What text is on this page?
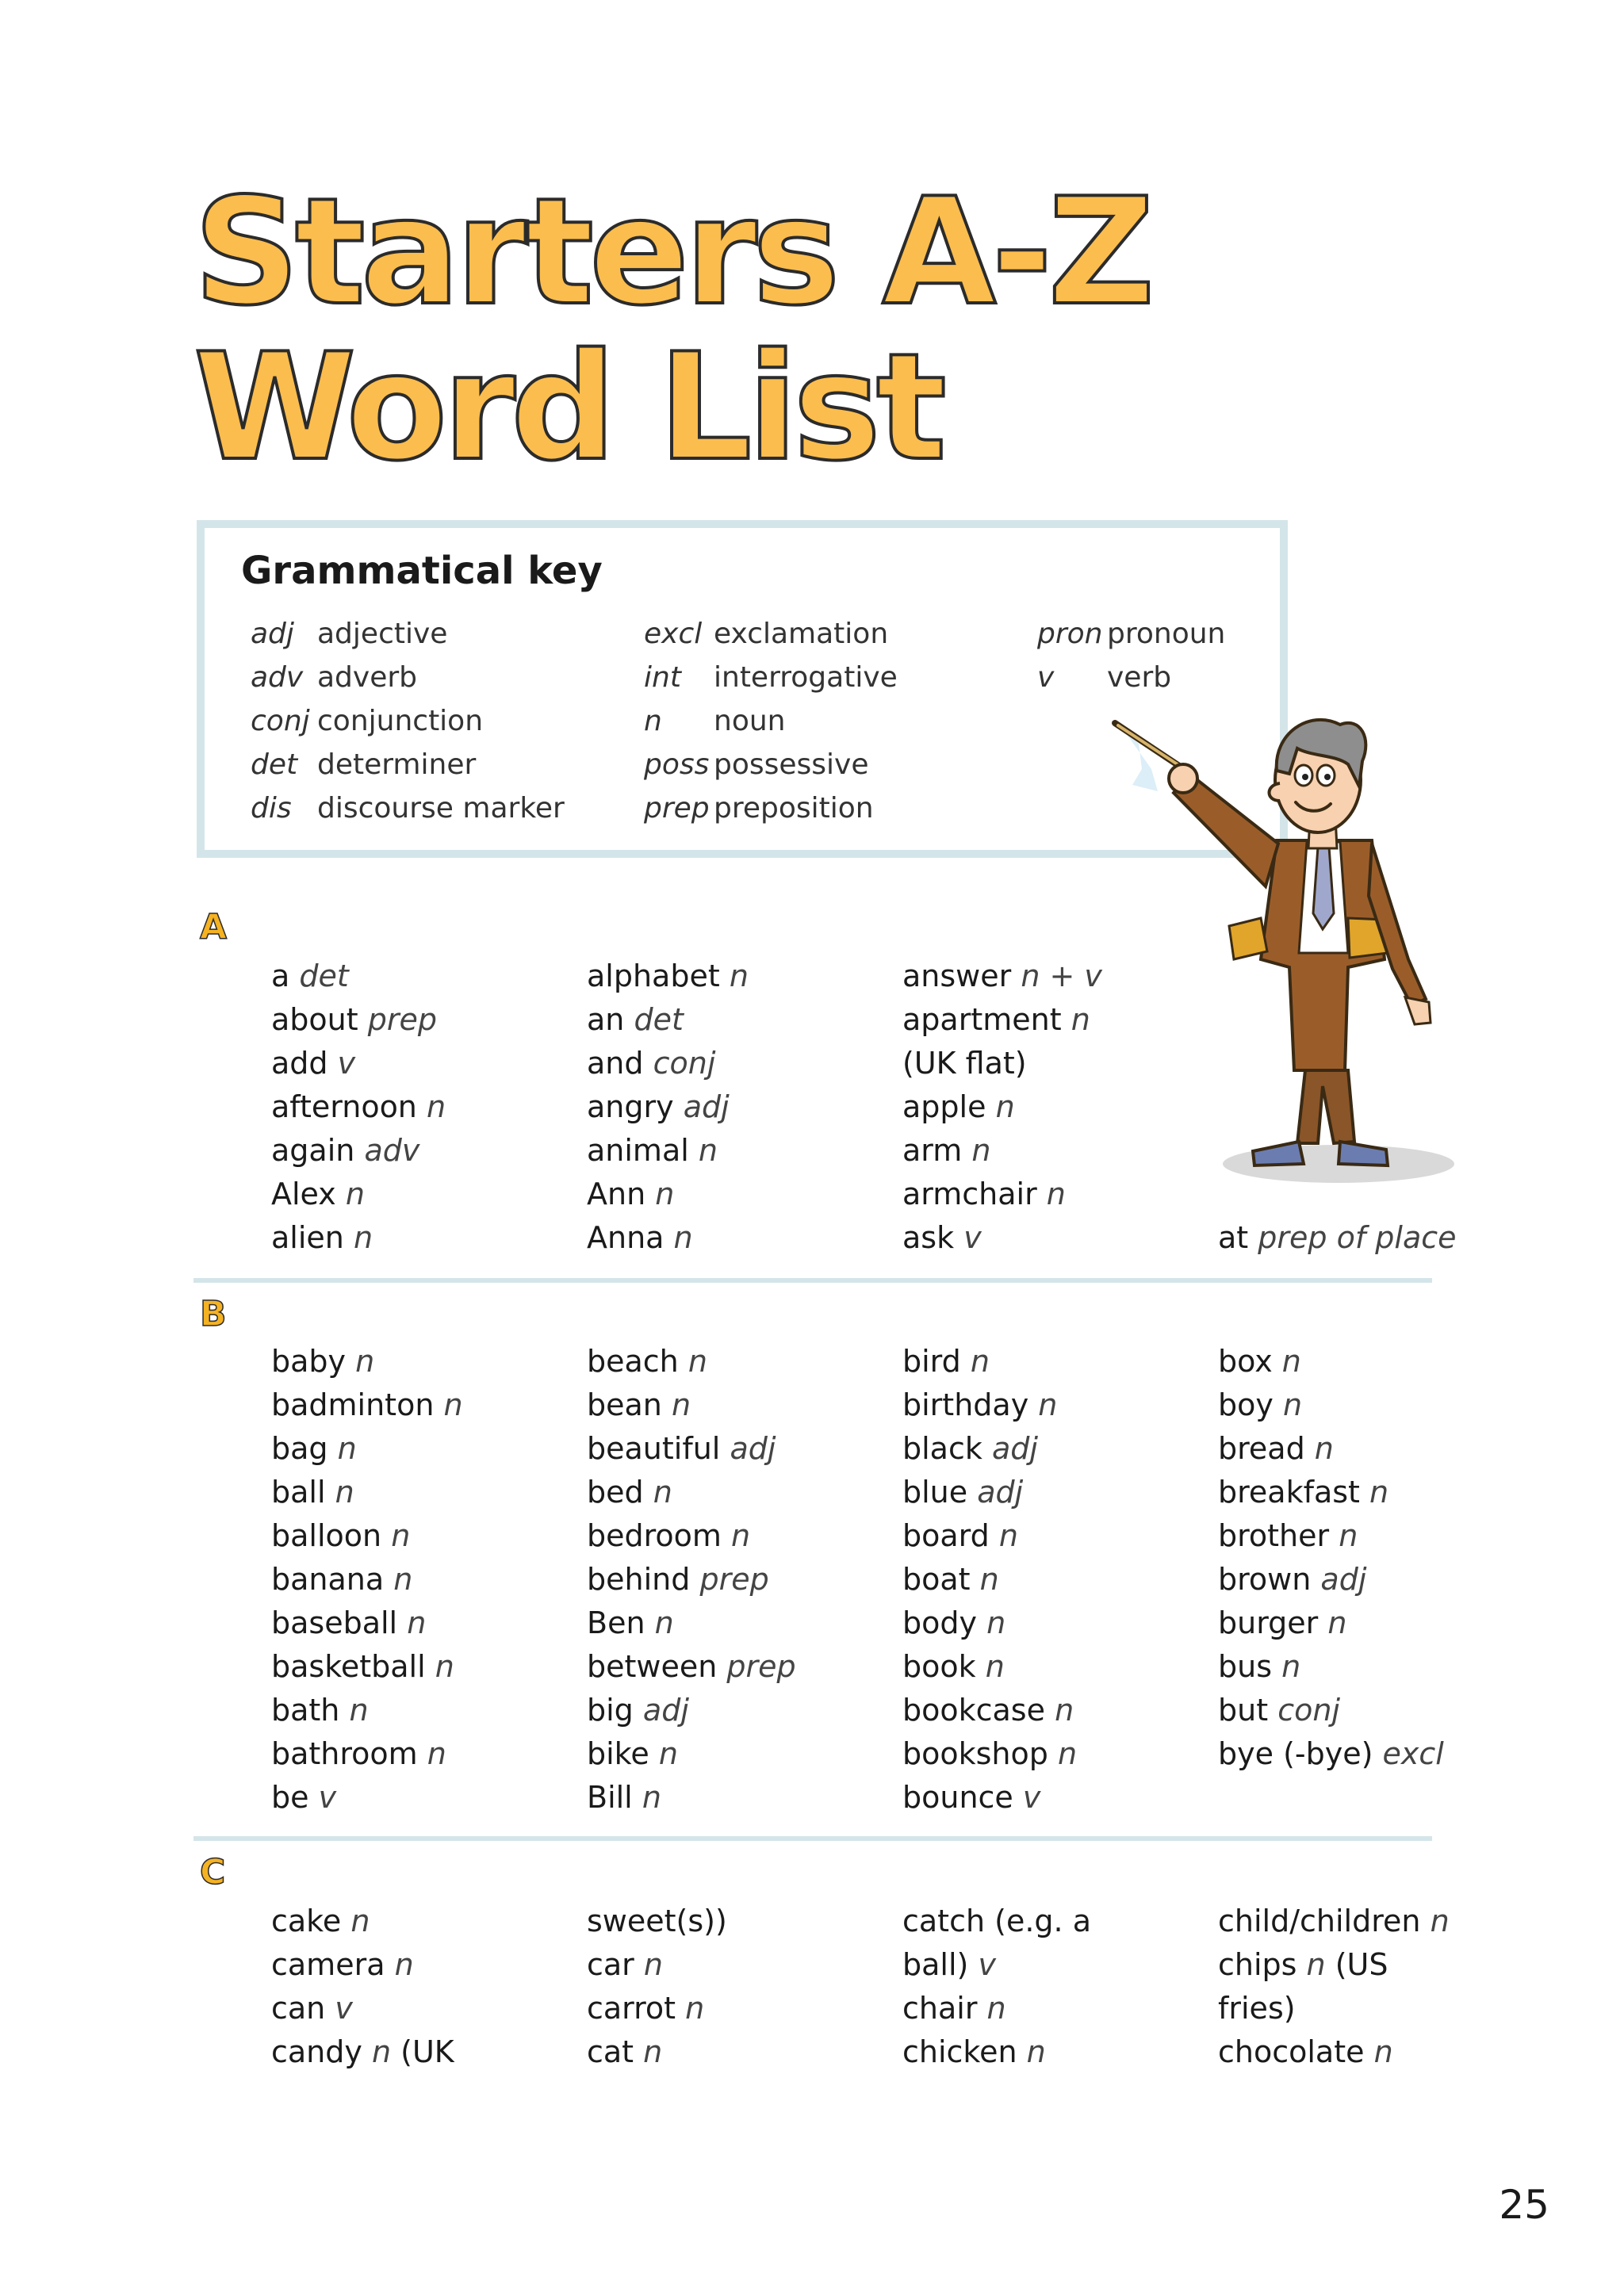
Starters A-Z
Word List
Grammatical key
adj adjective
adv adverb
conj conjunction
det determiner
dis discourse marker
excl exclamation
int interrogative
n noun
poss possessive
prep preposition
pron pronoun
v verb
A
a det
about prep
add v
afternoon n
again adv
Alex n
alien n
alphabet n
an det
and conj
angry adj
animal n
Ann n
Anna n
answer n + v
apartment n
(UK flat)
apple n
arm n
armchair n
ask v	at prep of place
B
baby n
badminton n
bag n
ball n
balloon n
banana n
baseball n
basketball n
bath n
bathroom n
be v
beach n
bean n
beautiful adj
bed n
bedroom n
behind prep
Ben n
between prep
big adj
bike n
Bill n
bird n
birthday n
black adj
blue adj
board n
boat n
body n
book n
bookcase n
bookshop n
bounce v
box n
boy n
bread n
breakfast n
brother n
brown adj
burger n
bus n
but conj
bye (-bye) excl
C
cake n
camera n
can v
candy n (UK
sweet(s))
car n
carrot n
cat n
catch (e.g. a
ball) v
chair n
chicken n
child/children n
chips n (US
fries)
chocolate n
25
